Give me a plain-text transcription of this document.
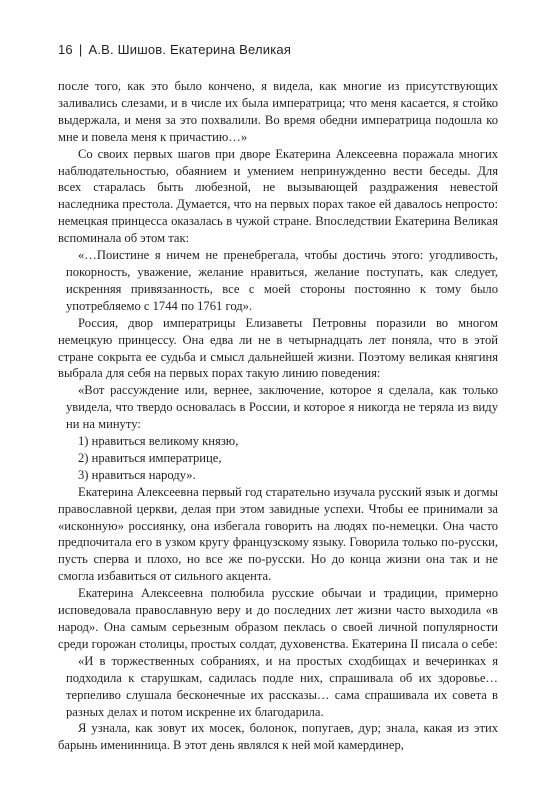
16 | А.В. Шишов. Екатерина Великая

после того, как это было кончено, я видела, как многие из присутствующих заливались слезами, и в числе их была императрица; что меня касается, я стойко выдержала, и меня за это похвалили. Во время обедни императрица подошла ко мне и повела меня к причастию…»

Со своих первых шагов при дворе Екатерина Алексеевна поражала многих наблюдательностью, обаянием и умением непринужденно вести беседы. Для всех старалась быть любезной, не вызывающей раздражения невестой наследника престола. Думается, что на первых порах такое ей давалось непросто: немецкая принцесса оказалась в чужой стране. Впоследствии Екатерина Великая вспоминала об этом так:

«…Поистине я ничем не пренебрегала, чтобы достичь этого: угодливость, покорность, уважение, желание нравиться, желание поступать, как следует, искренняя привязанность, все с моей стороны постоянно к тому было употребляемо с 1744 по 1761 год».

Россия, двор императрицы Елизаветы Петровны поразили во многом немецкую принцессу. Она едва ли не в четырнадцать лет поняла, что в этой стране сокрыта ее судьба и смысл дальнейшей жизни. Поэтому великая княгиня выбрала для себя на первых порах такую линию поведения:

«Вот рассуждение или, вернее, заключение, которое я сделала, как только увидела, что твердо основалась в России, и которое я никогда не теряла из виду ни на минуту:

1) нравиться великому князю,

2) нравиться императрице,

3) нравиться народу».

Екатерина Алексеевна первый год старательно изучала русский язык и догмы православной церкви, делая при этом завидные успехи. Чтобы ее принимали за «исконную» россиянку, она избегала говорить на людях по-немецки. Она часто предпочитала его в узком кругу французскому языку. Говорила только по-русски, пусть сперва и плохо, но все же по-русски. Но до конца жизни она так и не смогла избавиться от сильного акцента.

Екатерина Алексеевна полюбила русские обычаи и традиции, примерно исповедовала православную веру и до последних лет жизни часто выходила «в народ». Она самым серьезным образом пеклась о своей личной популярности среди горожан столицы, простых солдат, духовенства. Екатерина II писала о себе:

«И в торжественных собраниях, и на простых сходбищах и вечеринках я подходила к старушкам, садилась подле них, спрашивала об их здоровье… терпеливо слушала бесконечные их рассказы… сама спрашивала их совета в разных делах и потом искренне их благодарила.

Я узнала, как зовут их мосек, болонок, попугаев, дур; знала, какая из этих барынь именинница. В этот день являлся к ней мой камердинер,
